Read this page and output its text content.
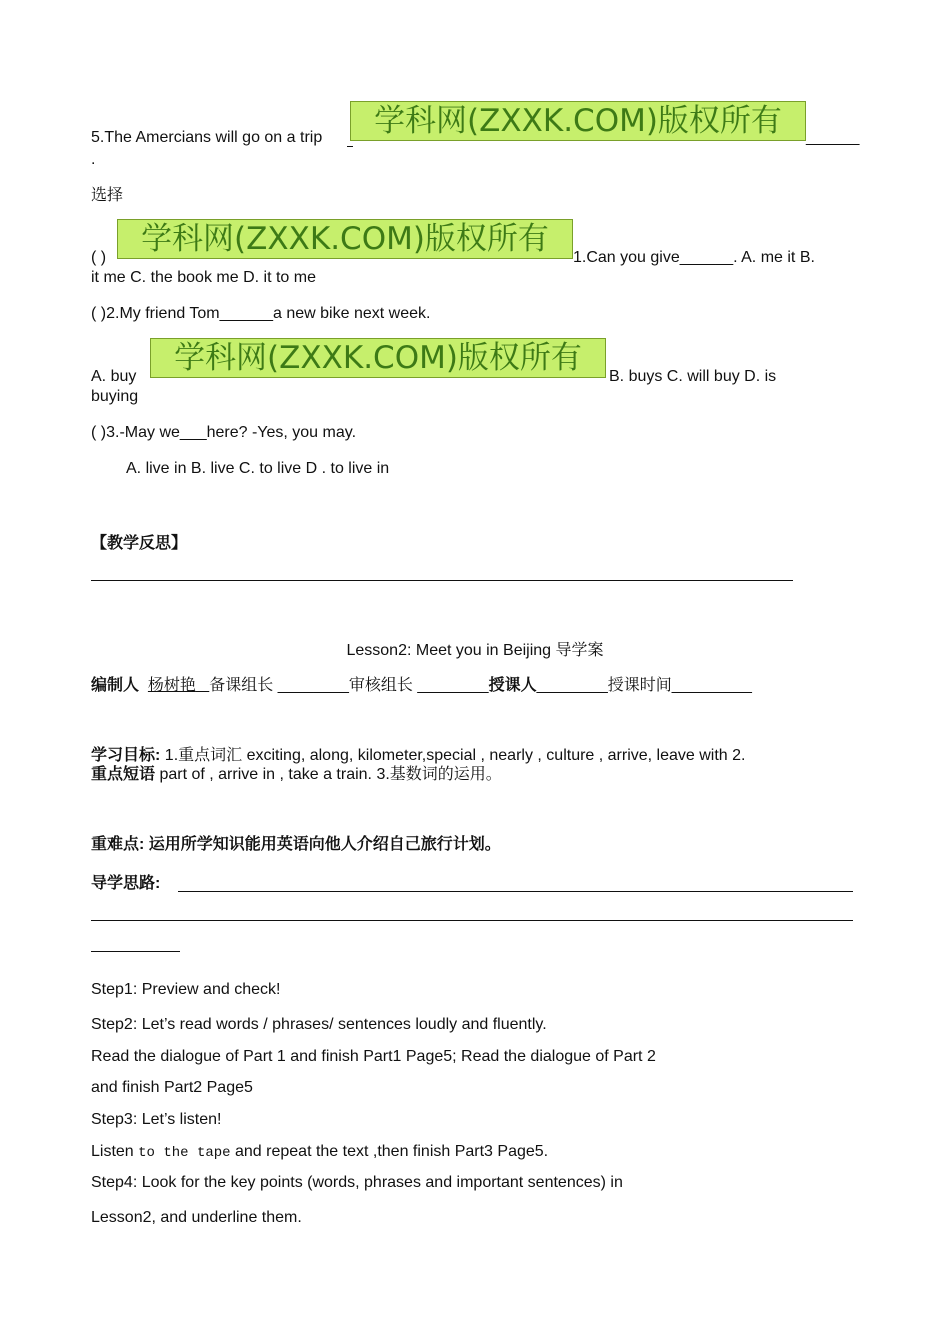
5.The Amercians will go on a trip	学科网(ZXXK.COM)版权所有	______
.
选择
( )
学科网(ZXXK.COM)版权所有
1.Can you give______. A. me it B.
it me C. the book me D. it to me
( )2.My friend Tom______a new bike next week.
A. buy
学科网(ZXXK.COM)版权所有
B. buys C. will buy D. is
buying
( )3.-May we___here? -Yes, you may.
A. live in B. live C. to live D . to live in
【教学反思】
Lesson2: Meet you in Beijing 导学案
编制人 杨树艳 备课组长 ________审核组长 ________授课人________授课时间_________
学习目标: 1.重点词汇 exciting, along, kilometer,special , nearly , culture , arrive, leave with 2.
重点短语 part of , arrive in , take a train. 3.基数词的运用。
重难点: 运用所学知识能用英语向他人介绍自己旅行计划。
导学思路:
Step1: Preview and check!
Step2: Let’s read words / phrases/ sentences loudly and fluently.
Read the dialogue of Part 1 and finish Part1 Page5; Read the dialogue of Part 2
and finish Part2 Page5
Step3: Let’s listen!
Listen to the tape and repeat the text ,then finish Part3 Page5.
Step4: Look for the key points (words, phrases and important sentences) in
Lesson2, and underline them.
